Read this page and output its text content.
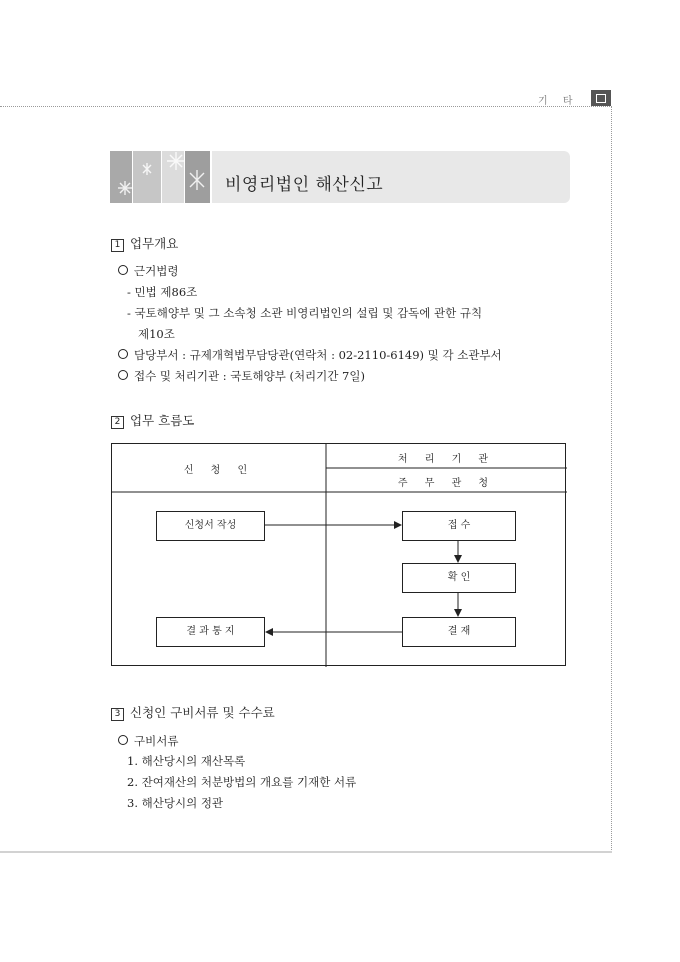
기 타
비영리법인 해산신고
1 업무개요
근거법령
- 민법 제86조
- 국토해양부 및 그 소속청 소관 비영리법인의 설립 및 감독에 관한 규칙
제10조
담당부서 : 규제개혁법무담당관(연락처 : 02-2110-6149) 및 각 소관부서
접수 및 처리기관 : 국토해양부 (처리기간 7일)
2 업무 흐름도
신 청 인
처 리 기 관
주 무 관 청
신청서 작성	접 수
확 인
결 재
결 과 통 지
3 신청인 구비서류 및 수수료
구비서류
1. 해산당시의 재산목록
2. 잔여재산의 처분방법의 개요를 기재한 서류
3. 해산당시의 정관
